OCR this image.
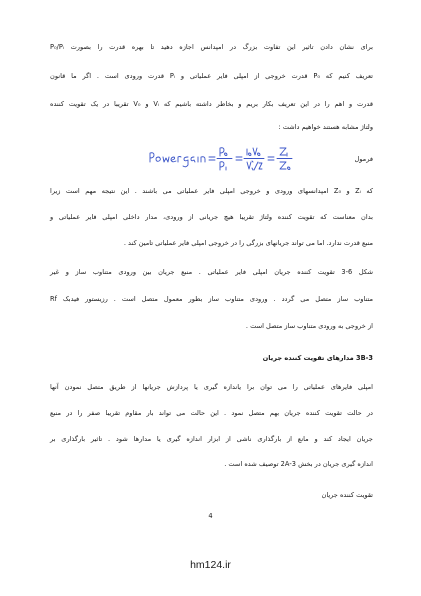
برای نشان دادن تاثیر این تفاوت بزرگ در امپدانس اجازه دهید تا بهره قدرت را بصورت P₀/Pᵢ
تعریف کنیم که P₀ قدرت خروجی از امپلی فایر عملیاتی و Pᵢ قدرت ورودی است . اگر ما قانون
قدرت و اهم را در این تعریف بکار بریم و بخاطر داشته باشیم که Vᵢ و V₀ تقریبا در یک تقویت کننده
ولتاژ مشابه هستند خواهیم داشت :
فرمول
که Zᵢ و Z₀ امپدانسهای ورودی و خروجی امپلی فایر عملیاتی می باشند . این نتیجه مهم است زیرا
بدان معناست که تقویت کننده ولتاژ تقریبا هیچ جریانی از ورودی، مدار داخلی امپلی فایر عملیاتی و
منبع قدرت ندارد. اما می تواند جریانهای بزرگی را در خروجی امپلی فایر عملیاتی تامین کند .
شکل 6-3 تقویت کننده جریان امپلی فایر عملیاتی . منبع جریان بین ورودی متناوب ساز و غیر
متناوب ساز متصل می گردد . ورودی متناوب ساز بطور معمول متصل است . رزیستور فیدبک Rf
از خروجی به ورودی متناوب ساز متصل است .
3B-3 مدارهای تقویت کننده جریان
امپلی فایرهای عملیاتی را می توان برا یاندازه گیری یا پردازش جریانها از طریق متصل نمودن آنها
در حالت تقویت کننده جریان بهم متصل نمود . این حالت می تواند بار مقاوم تقریبا صفر را در منبع
جریان ایجاد کند و مانع از بارگذاری ناشی از ابزار اندازه گیری یا مدارها شود . تاثیر بارگذاری بر
اندازه گیری جریان در بخش 3-2A توصیف شده است .
تقویت کننده جریان
4
hm124.ir
